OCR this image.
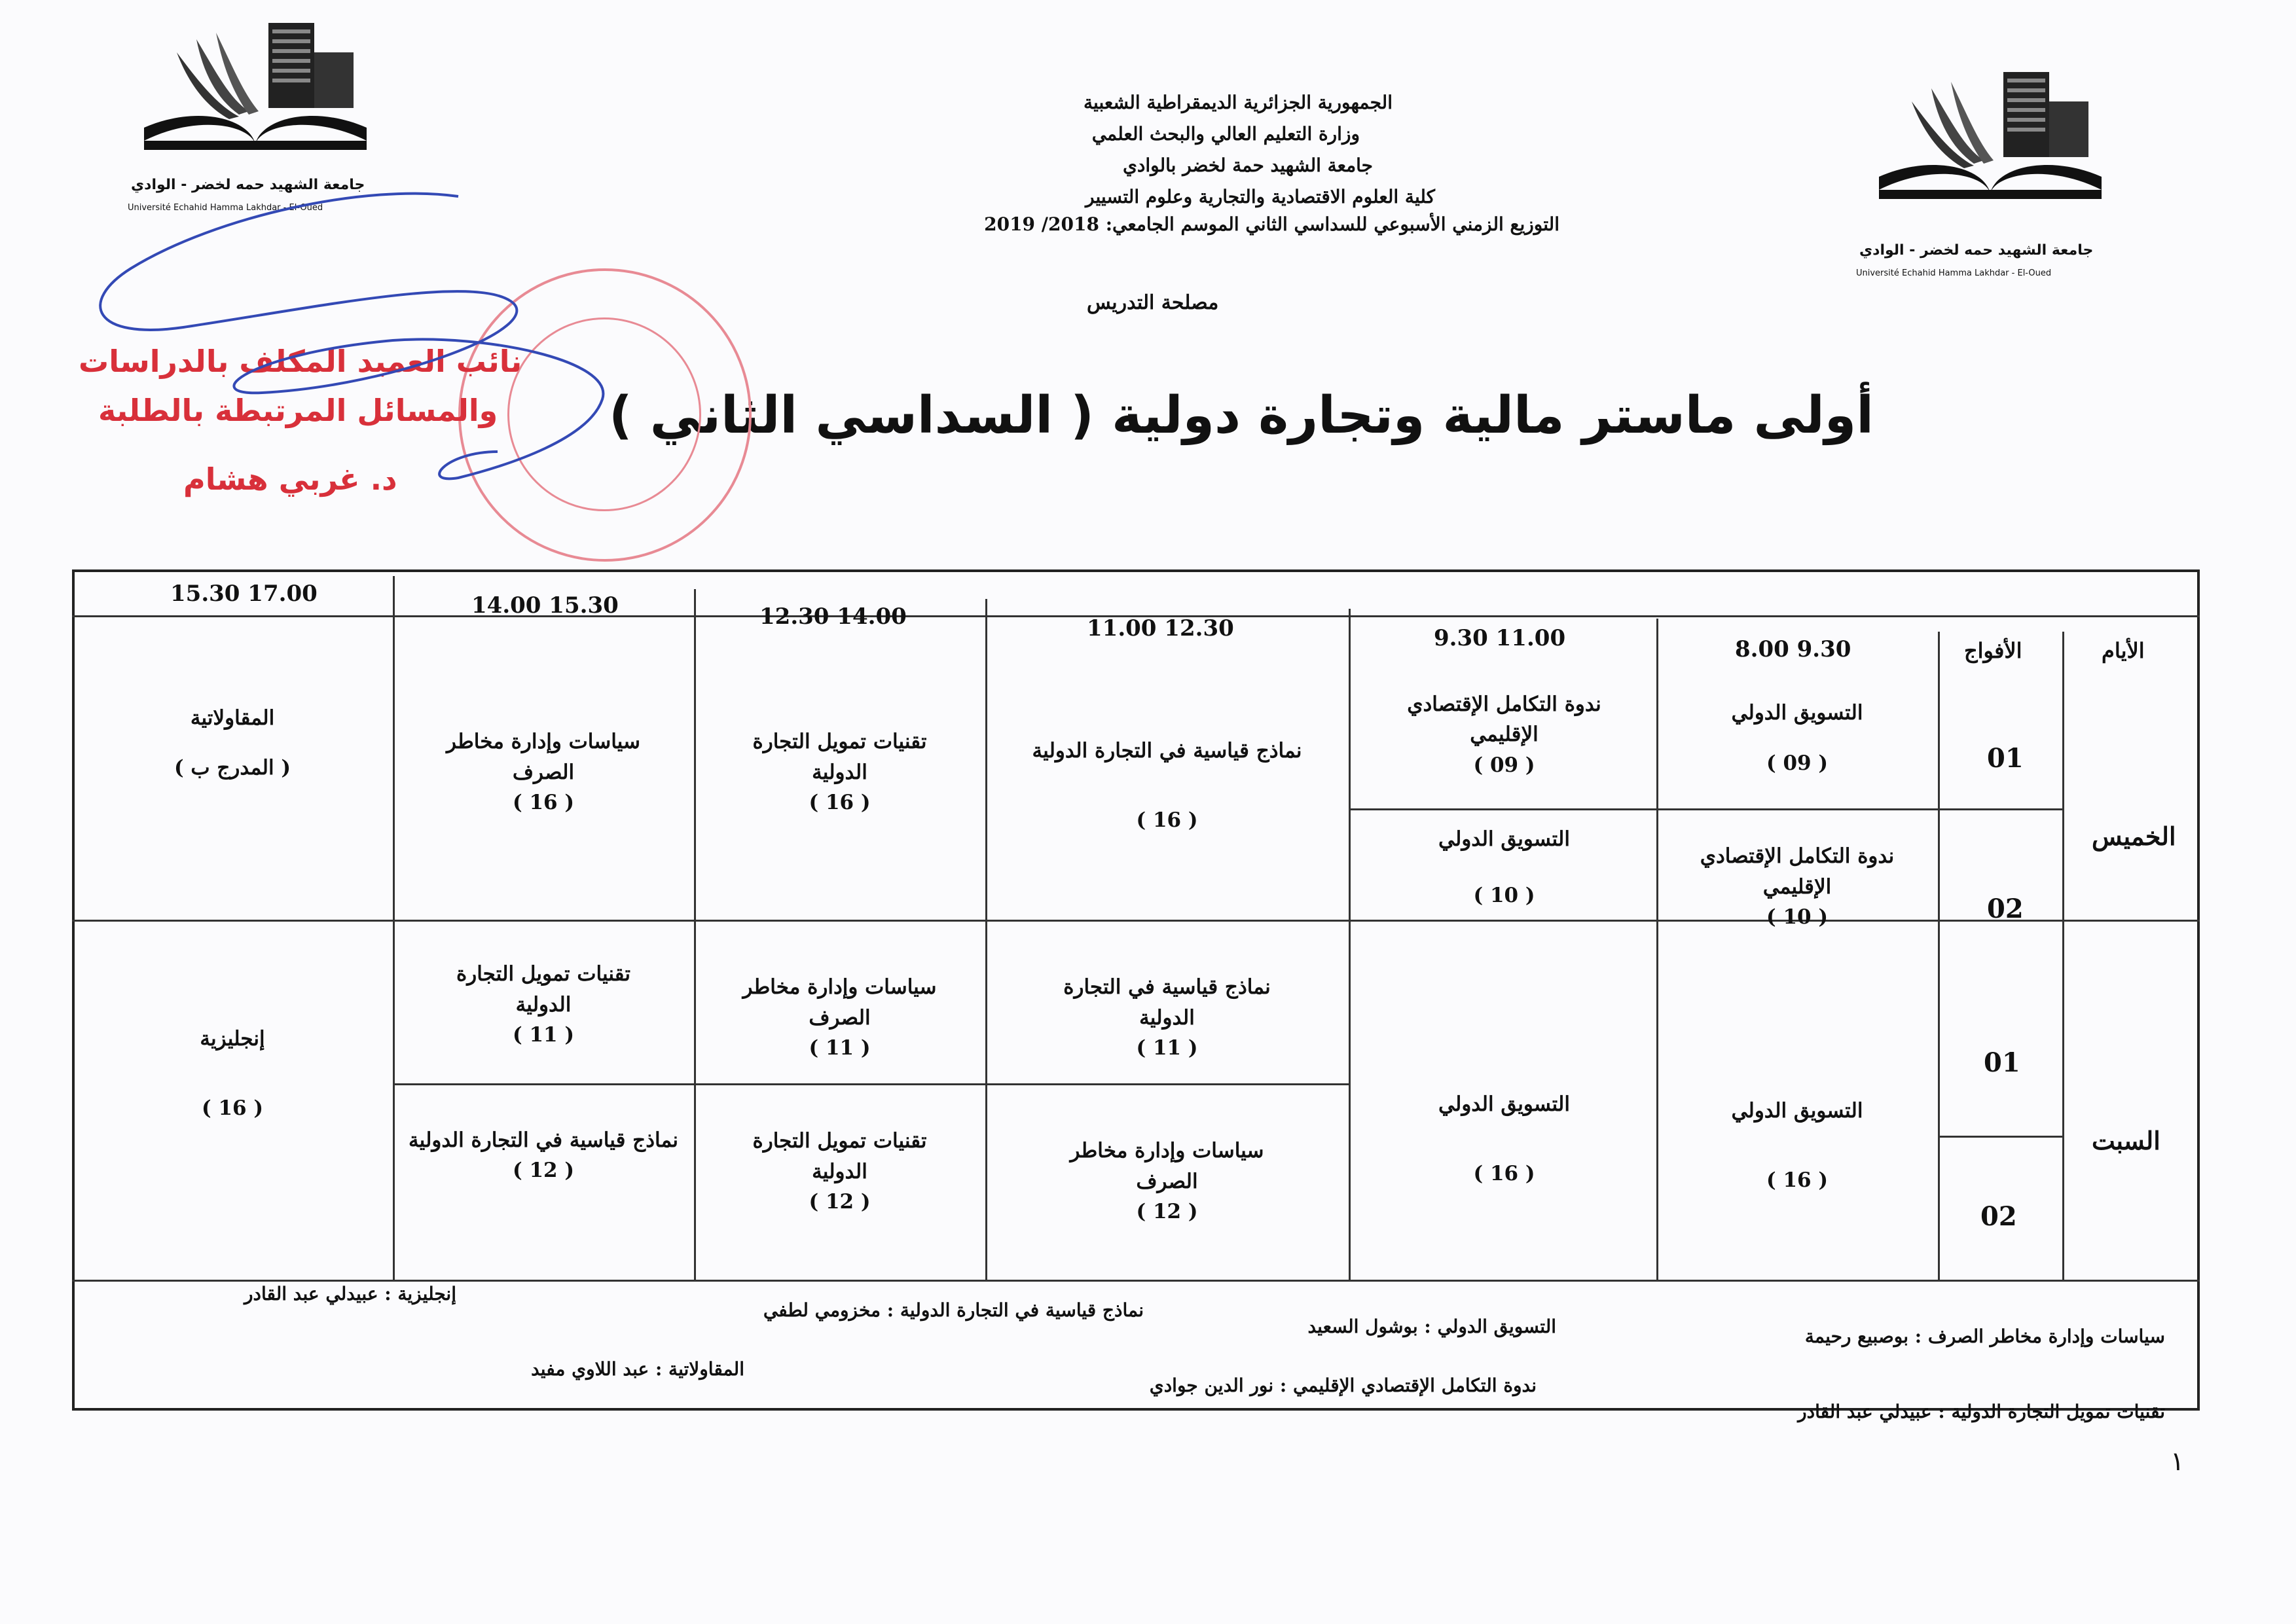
جامعة الشهيد حمه لخضر - الوادي
Université Echahid Hamma Lakhdar - El-Oued
جامعة الشهيد حمه لخضر - الوادي
Université Echahid Hamma Lakhdar - El-Oued
الجمهورية الجزائرية الديمقراطية الشعبية
وزارة التعليم العالي والبحث العلمي
جامعة الشهيد حمة لخضر بالوادي
كلية العلوم الاقتصادية والتجارية وعلوم التسيير
التوزيع الزمني الأسبوعي للسداسي الثاني الموسم الجامعي: 2018/ 2019
مصلحة التدريس
أولى ماستر مالية وتجارة دولية ( السداسي الثاني )
نائب العميد المكلف بالدراسات
والمسائل المرتبطة بالطلبة
د. غربي هشام
الأيام
الأفواج
8.00 9.30
9.30 11.00
11.00 12.30
12.30 14.00
14.00 15.30
15.30 17.00
الخميس
السبت
01
02
01
02
التسويق الدولي
( 09 )
ندوة التكامل الإقتصادي الإقليمي
( 09 )
ندوة التكامل الإقتصادي الإقليمي
( 10 )
التسويق الدولي
( 10 )
نماذج قياسية في التجارة الدولية
( 16 )
تقنيات تمويل التجارة الدولية
( 16 )
سياسات وإدارة مخاطر الصرف
( 16 )
المقاولاتية
( المدرج ب )
التسويق الدولي
( 16 )
التسويق الدولي
( 16 )
نماذج قياسية في التجارة الدولية
( 11 )
سياسات وإدارة مخاطر الصرف
( 12 )
سياسات وإدارة مخاطر الصرف
( 11 )
تقنيات تمويل التجارة الدولية
( 12 )
تقنيات تمويل التجارة الدولية
( 11 )
نماذج قياسية في التجارة الدولية
( 12 )
إنجليزية
( 16 )
سياسات وإدارة مخاطر الصرف : بوصبيع رحيمة
التسويق الدولي : بوشول السعيد
نماذج قياسية في التجارة الدولية : مخزومي لطفي
إنجليزية : عبيدلي عبد القادر
تقنيات تمويل التجارة الدولية : عبيدلي عبد القادر
ندوة التكامل الإقتصادي الإقليمي : نور الدين جوادي
المقاولاتية : عبد اللاوي مفيد
١
